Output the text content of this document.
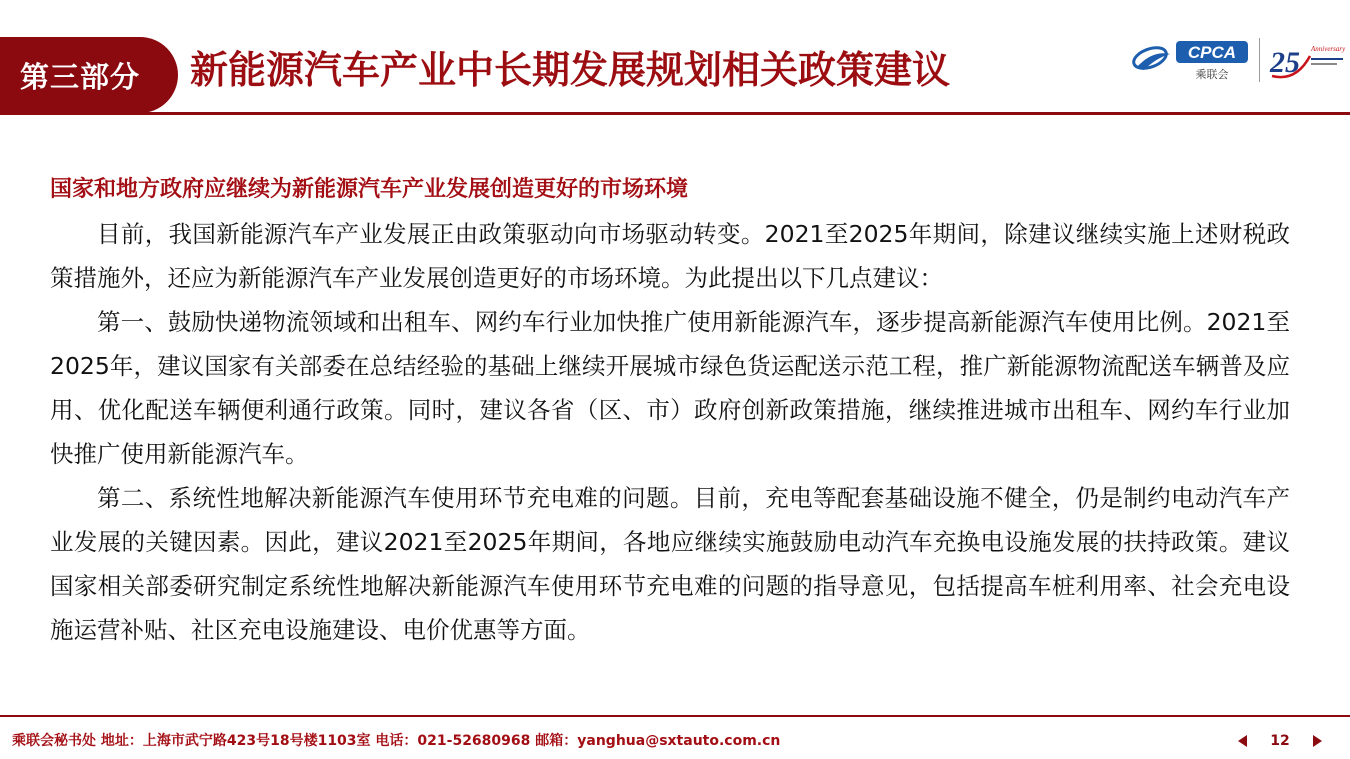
第三部分 新能源汽车产业中长期发展规划相关政策建议	CPCA
乘联会 25 Anniversary

国家和地方政府应继续为新能源汽车产业发展创造更好的市场环境

目前，我国新能源汽车产业发展正由政策驱动向市场驱动转变。2021至2025年期间，除建议继续实施上述财税政策措施外，还应为新能源汽车产业发展创造更好的市场环境。为此提出以下几点建议：

第一、鼓励快递物流领域和出租车、网约车行业加快推广使用新能源汽车，逐步提高新能源汽车使用比例。2021至2025年，建议国家有关部委在总结经验的基础上继续开展城市绿色货运配送示范工程，推广新能源物流配送车辆普及应用、优化配送车辆便利通行政策。同时，建议各省（区、市）政府创新政策措施，继续推进城市出租车、网约车行业加快推广使用新能源汽车。

第二、系统性地解决新能源汽车使用环节充电难的问题。目前，充电等配套基础设施不健全，仍是制约电动汽车产业发展的关键因素。因此，建议2021至2025年期间，各地应继续实施鼓励电动汽车充换电设施发展的扶持政策。建议国家相关部委研究制定系统性地解决新能源汽车使用环节充电难的问题的指导意见，包括提高车桩利用率、社会充电设施运营补贴、社区充电设施建设、电价优惠等方面。

乘联会秘书处 地址：上海市武宁路423号18号楼1103室 电话：021-52680968 邮箱：yanghua@sxtauto.com.cn	12
